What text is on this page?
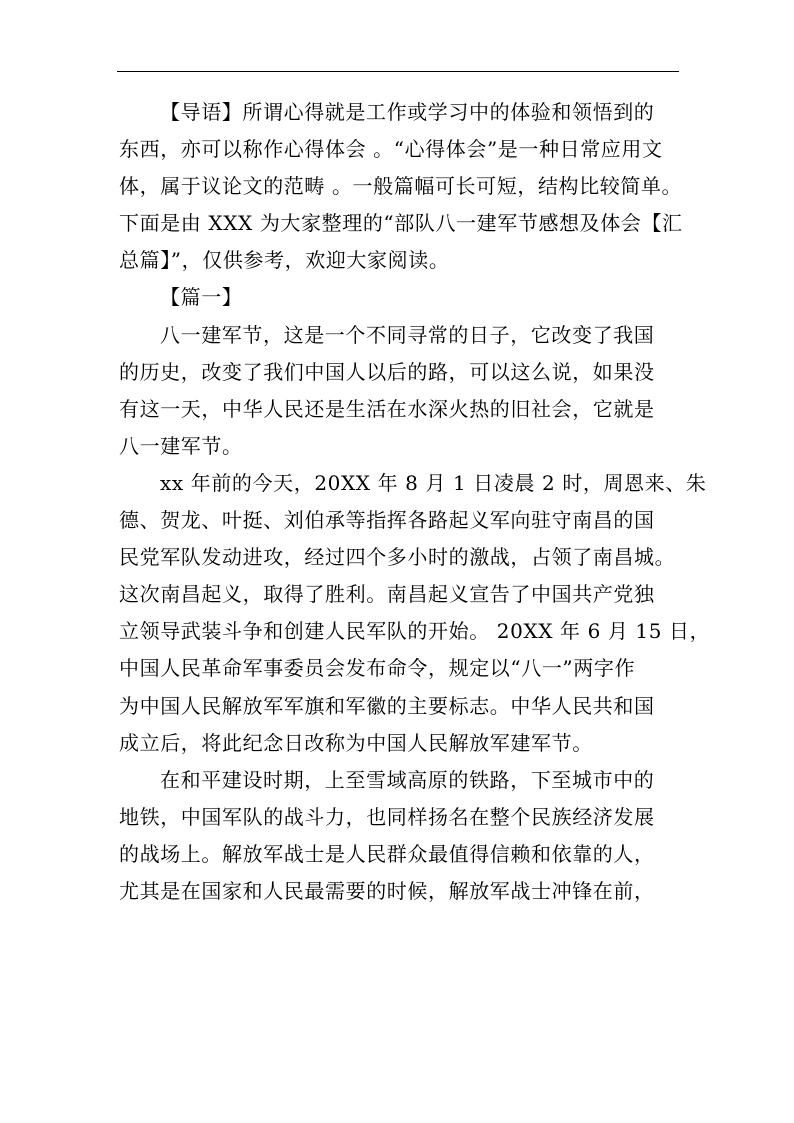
【导语】所谓心得就是工作或学习中的体验和领悟到的
东西，亦可以称作心得体会 。“心得体会”是一种日常应用文
体，属于议论文的范畴 。一般篇幅可长可短，结构比较简单。
下面是由 XXX 为大家整理的“部队八一建军节感想及体会【汇
总篇】”，仅供参考，欢迎大家阅读。
【篇一】
八一建军节，这是一个不同寻常的日子，它改变了我国
的历史，改变了我们中国人以后的路，可以这么说，如果没
有这一天，中华人民还是生活在水深火热的旧社会，它就是
八一建军节。
xx 年前的今天，20XX 年 8 月 1 日凌晨 2 时，周恩来、朱
德、贺龙、叶挺、刘伯承等指挥各路起义军向驻守南昌的国
民党军队发动进攻，经过四个多小时的激战，占领了南昌城。
这次南昌起义，取得了胜利。南昌起义宣告了中国共产党独
立领导武装斗争和创建人民军队的开始。 20XX 年 6 月 15 日，
中国人民革命军事委员会发布命令，规定以“八一”两字作
为中国人民解放军军旗和军徽的主要标志。中华人民共和国
成立后，将此纪念日改称为中国人民解放军建军节。
在和平建设时期，上至雪域高原的铁路，下至城市中的
地铁，中国军队的战斗力，也同样扬名在整个民族经济发展
的战场上。解放军战士是人民群众最值得信赖和依靠的人，
尤其是在国家和人民最需要的时候，解放军战士冲锋在前，
